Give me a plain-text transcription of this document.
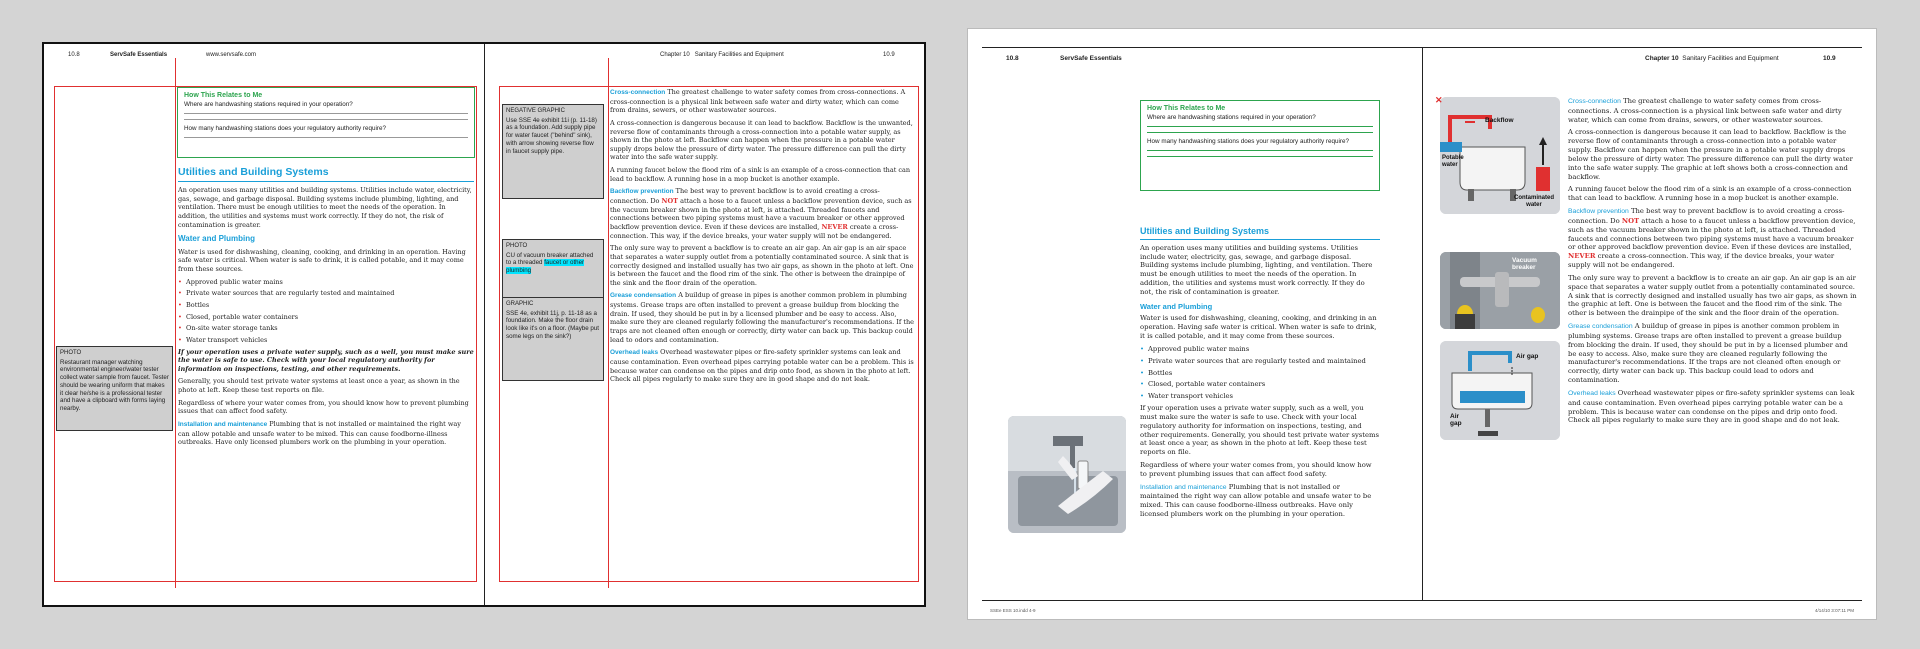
10.8	ServSafe Essentials	www.servsafe.com	Chapter 10 Sanitary Facilities and Equipment	10.9
How This Relates to Me
Where are handwashing stations required in your operation?
How many handwashing stations does your regulatory authority require?
Utilities and Building Systems

An operation uses many utilities and building systems. Utilities include water, electricity, gas, sewage, and garbage disposal. Building systems include plumbing, lighting, and ventilation. There must be enough utilities to meet the needs of the operation. In addition, the utilities and systems must work correctly. If they do not, the risk of contamination is greater.

Water and Plumbing

Water is used for dishwashing, cleaning, cooking, and drinking in an operation. Having safe water is critical. When water is safe to drink, it is called potable, and it may come from these sources.

• Approved public water mains
• Private water sources that are regularly tested and maintained
• Bottles
• Closed, portable water containers
• On-site water storage tanks
• Water transport vehicles

If your operation uses a private water supply, such as a well, you must make sure the water is safe to use. Check with your local regulatory authority for information on inspections, testing, and other requirements.

Generally, you should test private water systems at least once a year, as shown in the photo at left. Keep these test reports on file.

Regardless of where your water comes from, you should know how to prevent plumbing issues that can affect food safety.

Installation and maintenance Plumbing that is not installed or maintained the right way can allow potable and unsafe water to be mixed. This can cause foodborne-illness outbreaks. Have only licensed plumbers work on the plumbing in your operation.

PHOTO
Restaurant manager watching environmental engineer/water tester collect water sample from faucet. Tester should be wearing uniform that makes it clear he/she is a professional tester and have a clipboard with forms laying nearby.
NEGATIVE GRAPHIC
Use SSE 4e exhibit 11i (p. 11-18) as a foundation. Add supply pipe for water faucet ("behind" sink), with arrow showing reverse flow in faucet supply pipe.
PHOTO
CU of vacuum breaker attached to a threaded faucet or other plumbing
GRAPHIC
SSE 4e, exhibit 11j, p. 11-18 as a foundation. Make the floor drain look like it's on a floor. (Maybe put some legs on the sink?)

Cross-connection The greatest challenge to water safety comes from cross-connections. A cross-connection is a physical link between safe water and dirty water, which can come from drains, sewers, or other wastewater sources.

A cross-connection is dangerous because it can lead to backflow. Backflow is the unwanted, reverse flow of contaminants through a cross-connection into a potable water supply, as shown in the photo at left. Backflow can happen when the pressure in a potable water supply drops below the pressure of dirty water. The pressure difference can pull the dirty water into the safe water supply.

A running faucet below the flood rim of a sink is an example of a cross-connection that can lead to backflow. A running hose in a mop bucket is another example.

Backflow prevention The best way to prevent backflow is to avoid creating a cross-connection. Do NOT attach a hose to a faucet unless a backflow prevention device, such as the vacuum breaker shown in the photo at left, is attached. Threaded faucets and connections between two piping systems must have a vacuum breaker or other approved backflow prevention device. Even if these devices are installed, NEVER create a cross-connection. This way, if the device breaks, your water supply will not be endangered.

The only sure way to prevent a backflow is to create an air gap. An air gap is an air space that separates a water supply outlet from a potentially contaminated source. A sink that is correctly designed and installed usually has two air gaps, as shown in the photo at left. One is between the faucet and the flood rim of the sink. The other is between the drainpipe of the sink and the floor drain of the operation.

Grease condensation A buildup of grease in pipes is another common problem in plumbing systems. Grease traps are often installed to prevent a grease buildup from blocking the drain. If used, they should be put in by a licensed plumber and be easy to access. Also, make sure they are cleaned regularly following the manufacturer's recommendations. If the traps are not cleaned often enough or correctly, dirty water can back up. This backup could lead to odors and contamination.

Overhead leaks Overhead wastewater pipes or fire-safety sprinkler systems can leak and cause contamination. Even overhead pipes carrying potable water can be a problem. This is because water can condense on the pipes and drip onto food, as shown in the photo at left. Check all pipes regularly to make sure they are in good shape and do not leak.

10.8	ServSafe Essentials	Chapter 10 Sanitary Facilities and Equipment	10.9
How This Relates to Me
Where are handwashing stations required in your operation?
How many handwashing stations does your regulatory authority require?
Utilities and Building Systems

An operation uses many utilities and building systems. Utilities include water, electricity, gas, sewage, and garbage disposal. Building systems include plumbing, lighting, and ventilation. There must be enough utilities to meet the needs of the operation. In addition, the utilities and systems must work correctly. If they do not, the risk of contamination is greater.

Water and Plumbing

Water is used for dishwashing, cleaning, cooking, and drinking in an operation. Having safe water is critical. When water is safe to drink, it is called potable, and it may come from these sources.

• Approved public water mains
• Private water sources that are regularly tested and maintained
• Bottles
• Closed, portable water containers
• Water transport vehicles

If your operation uses a private water supply, such as a well, you must make sure the water is safe to use. Check with your local regulatory authority for information on inspections, testing, and other requirements. Generally, you should test private water systems at least once a year, as shown in the photo at left. Keep these test reports on file.

Regardless of where your water comes from, you should know how to prevent plumbing issues that can affect food safety.

Installation and maintenance Plumbing that is not installed or maintained the right way can allow potable and unsafe water to be mixed. This can cause foodborne-illness outbreaks. Have only licensed plumbers work on the plumbing in your operation.

Backflow
Potable water
Contaminated water
✕
Vacuum breaker
Air gap
Air gap

Cross-connection The greatest challenge to water safety comes from cross-connections. A cross-connection is a physical link between safe water and dirty water, which can come from drains, sewers, or other wastewater sources.

A cross-connection is dangerous because it can lead to backflow. Backflow is the reverse flow of contaminants through a cross-connection into a potable water supply. Backflow can happen when the pressure in a potable water supply drops below the pressure of dirty water. The pressure difference can pull the dirty water into the safe water supply. The graphic at left shows both a cross-connection and backflow.

A running faucet below the flood rim of a sink is an example of a cross-connection that can lead to backflow. A running hose in a mop bucket is another example.

Backflow prevention The best way to prevent backflow is to avoid creating a cross-connection. Do NOT attach a hose to a faucet unless a backflow prevention device, such as the vacuum breaker shown in the photo at left, is attached. Threaded faucets and connections between two piping systems must have a vacuum breaker or other approved backflow prevention device. Even if these devices are installed, NEVER create a cross-connection. This way, if the device breaks, your water supply will not be endangered.

The only sure way to prevent a backflow is to create an air gap. An air gap is an air space that separates a water supply outlet from a potentially contaminated source. A sink that is correctly designed and installed usually has two air gaps, as shown in the graphic at left. One is between the faucet and the flood rim of the sink. The other is between the drainpipe of the sink and the floor drain of the operation.

Grease condensation A buildup of grease in pipes is another common problem in plumbing systems. Grease traps are often installed to prevent a grease buildup from blocking the drain. If used, they should be put in by a licensed plumber and be easy to access. Also, make sure they are cleaned regularly following the manufacturer's recommendations. If the traps are not cleaned often enough or correctly, dirty water can back up. This backup could lead to odors and contamination.

Overhead leaks Overhead wastewater pipes or fire-safety sprinkler systems can leak and cause contamination. Even overhead pipes carrying potable water can be a problem. This is because water can condense on the pipes and drip onto food. Check all pipes regularly to make sure they are in good shape and do not leak.

SSEe ESS 10.indd 4-9	4/14/10 3:07:11 PM
